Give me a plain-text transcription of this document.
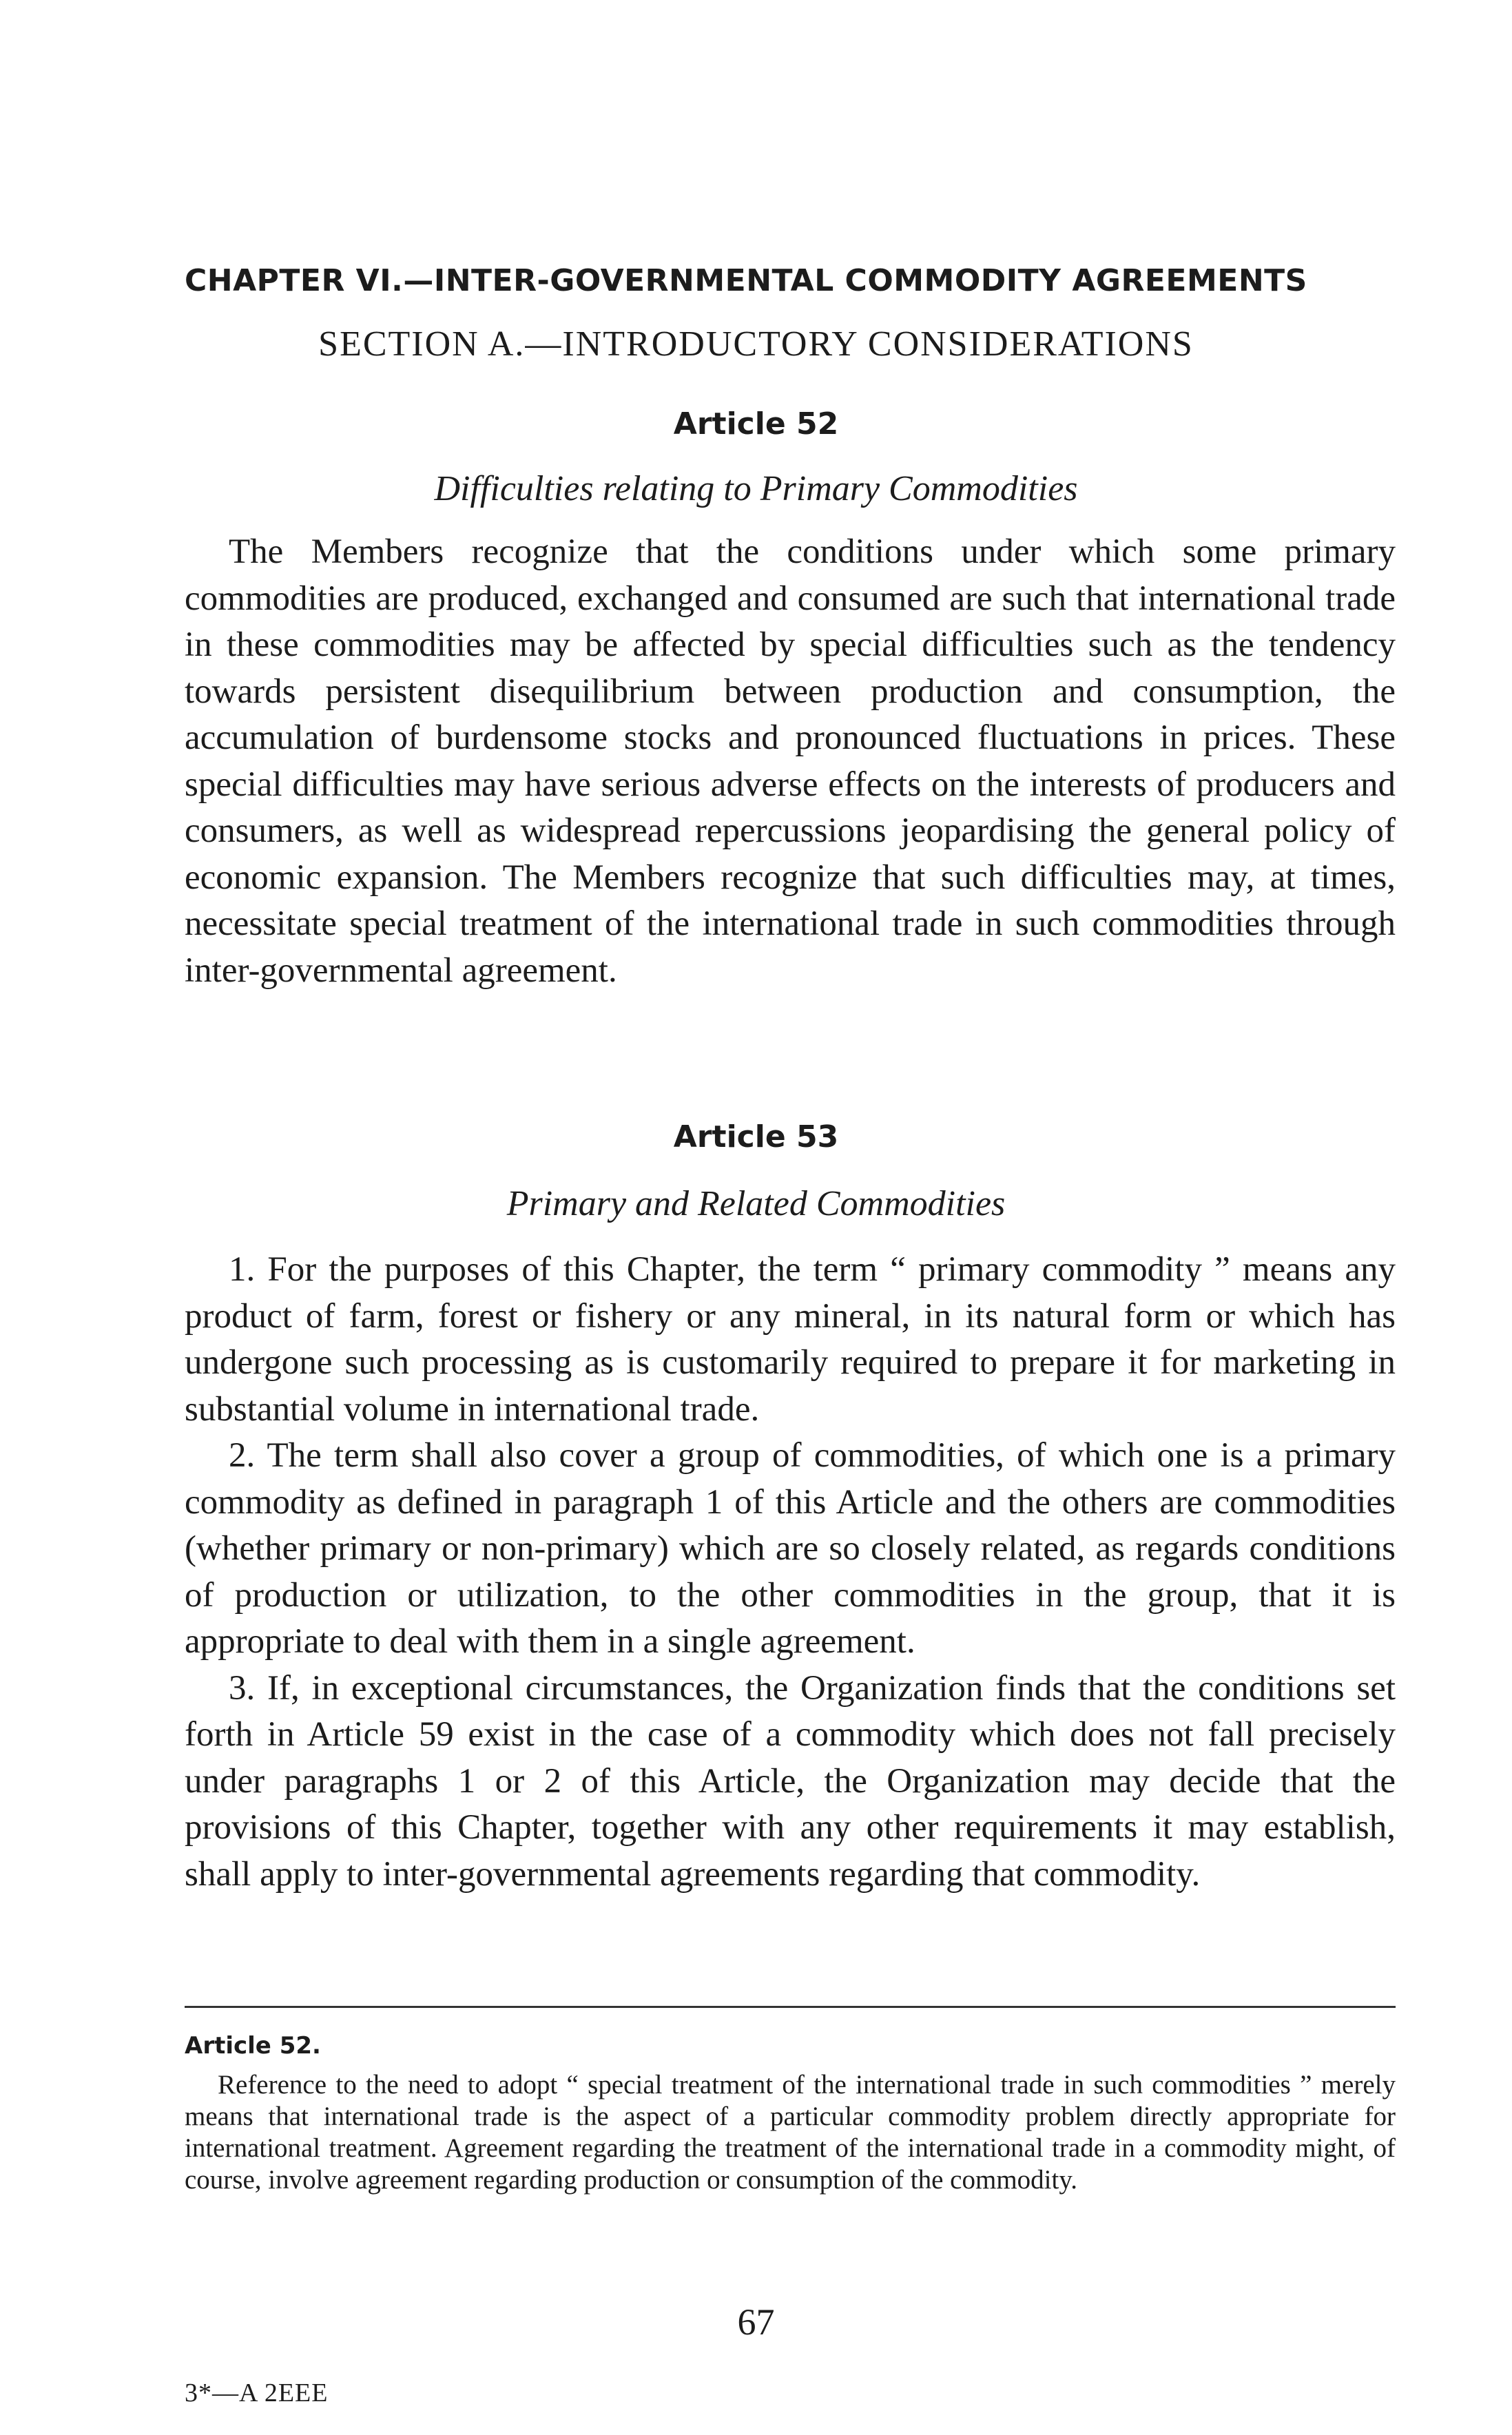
CHAPTER VI.—INTER-GOVERNMENTAL COMMODITY AGREEMENTS
SECTION A.—INTRODUCTORY CONSIDERATIONS
Article 52
Difficulties relating to Primary Commodities

The Members recognize that the conditions under which some primary commodities are produced, exchanged and consumed are such that international trade in these commodities may be affected by special difficulties such as the tendency towards persistent disequilibrium between production and consumption, the accumulation of burdensome stocks and pronounced fluctuations in prices. These special difficulties may have serious adverse effects on the interests of producers and consumers, as well as widespread repercussions jeopardising the general policy of economic expansion. The Members recognize that such difficulties may, at times, necessitate special treatment of the international trade in such commodities through inter-governmental agreement.

Article 53
Primary and Related Commodities

1. For the purposes of this Chapter, the term “ primary commodity ” means any product of farm, forest or fishery or any mineral, in its natural form or which has undergone such processing as is customarily required to prepare it for marketing in substantial volume in international trade.

2. The term shall also cover a group of commodities, of which one is a primary commodity as defined in paragraph 1 of this Article and the others are commodities (whether primary or non-primary) which are so closely related, as regards conditions of production or utilization, to the other commodities in the group, that it is appropriate to deal with them in a single agreement.

3. If, in exceptional circumstances, the Organization finds that the conditions set forth in Article 59 exist in the case of a commodity which does not fall precisely under paragraphs 1 or 2 of this Article, the Organization may decide that the provisions of this Chapter, together with any other requirements it may establish, shall apply to inter-governmental agreements regarding that commodity.

Article 52.

Reference to the need to adopt “ special treatment of the international trade in such commodities ” merely means that international trade is the aspect of a particular commodity problem directly appropriate for international treatment. Agreement regarding the treatment of the international trade in a commodity might, of course, involve agreement regarding production or consumption of the commodity.

67
3*—A 2EEE
